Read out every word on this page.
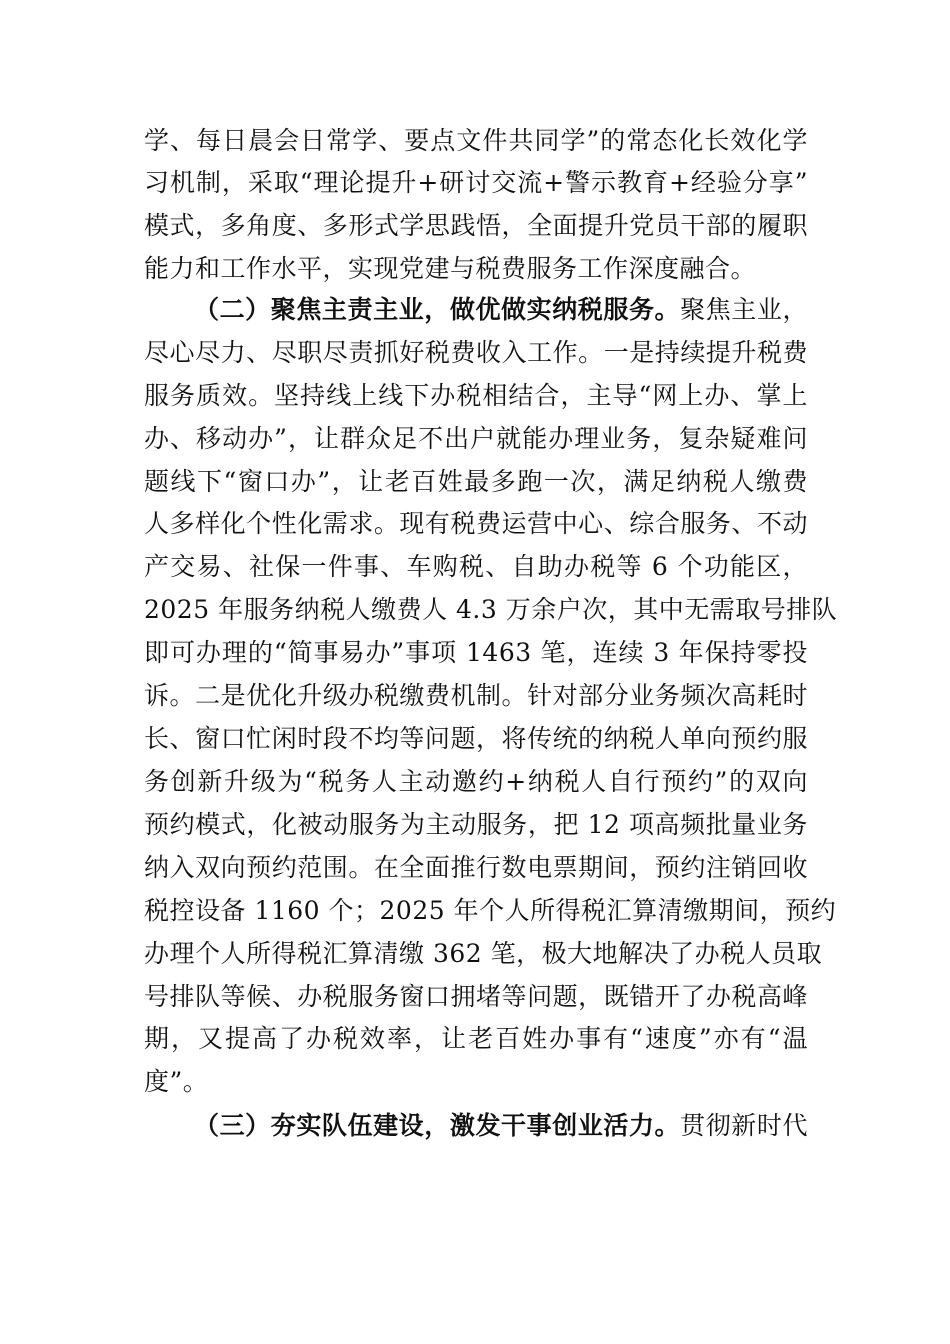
学、每日晨会日常学、要点文件共同学”的常态化长效化学
习机制，采取“理论提升+研讨交流+警示教育+经验分享”
模式，多角度、多形式学思践悟，全面提升党员干部的履职
能力和工作水平，实现党建与税费服务工作深度融合。
（二）聚焦主责主业，做优做实纳税服务。聚焦主业，
尽心尽力、尽职尽责抓好税费收入工作。一是持续提升税费
服务质效。坚持线上线下办税相结合，主导“网上办、掌上
办、移动办”，让群众足不出户就能办理业务，复杂疑难问
题线下“窗口办”，让老百姓最多跑一次，满足纳税人缴费
人多样化个性化需求。现有税费运营中心、综合服务、不动
产交易、社保一件事、车购税、自助办税等 6 个功能区，
2025 年服务纳税人缴费人 4.3 万余户次，其中无需取号排队
即可办理的“简事易办”事项 1463 笔，连续 3 年保持零投
诉。二是优化升级办税缴费机制。针对部分业务频次高耗时
长、窗口忙闲时段不均等问题，将传统的纳税人单向预约服
务创新升级为“税务人主动邀约+纳税人自行预约”的双向
预约模式，化被动服务为主动服务，把 12 项高频批量业务
纳入双向预约范围。在全面推行数电票期间，预约注销回收
税控设备 1160 个；2025 年个人所得税汇算清缴期间，预约
办理个人所得税汇算清缴 362 笔，极大地解决了办税人员取
号排队等候、办税服务窗口拥堵等问题，既错开了办税高峰
期，又提高了办税效率，让老百姓办事有“速度”亦有“温
度”。
（三）夯实队伍建设，激发干事创业活力。贯彻新时代
